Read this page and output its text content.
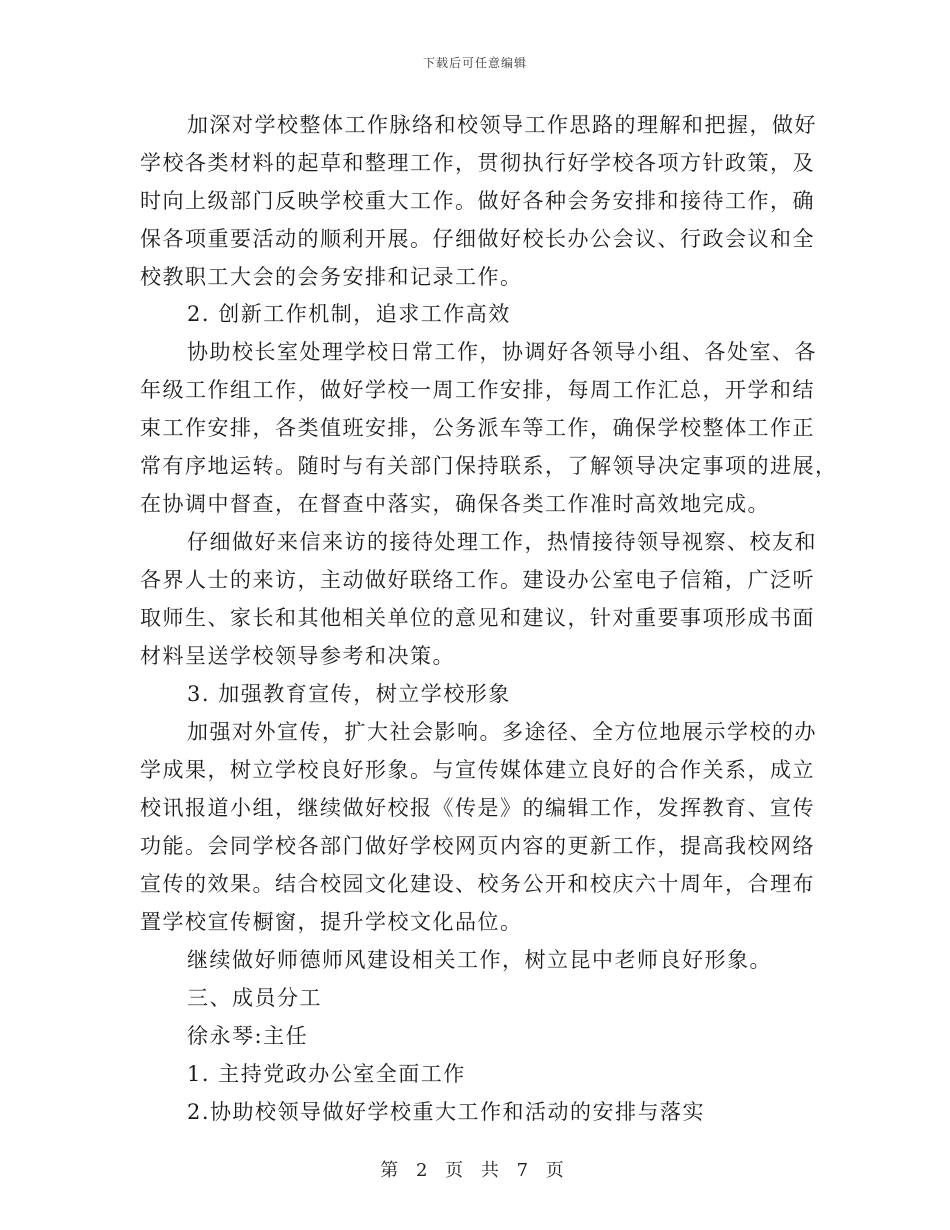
下载后可任意编辑
加深对学校整体工作脉络和校领导工作思路的理解和把握，做好
学校各类材料的起草和整理工作，贯彻执行好学校各项方针政策，及
时向上级部门反映学校重大工作。做好各种会务安排和接待工作，确
保各项重要活动的顺利开展。仔细做好校长办公会议、行政会议和全
校教职工大会的会务安排和记录工作。
2. 创新工作机制，追求工作高效
协助校长室处理学校日常工作，协调好各领导小组、各处室、各
年级工作组工作，做好学校一周工作安排，每周工作汇总，开学和结
束工作安排，各类值班安排，公务派车等工作，确保学校整体工作正
常有序地运转。随时与有关部门保持联系，了解领导决定事项的进展，
在协调中督查，在督查中落实，确保各类工作准时高效地完成。
仔细做好来信来访的接待处理工作，热情接待领导视察、校友和
各界人士的来访，主动做好联络工作。建设办公室电子信箱，广泛听
取师生、家长和其他相关单位的意见和建议，针对重要事项形成书面
材料呈送学校领导参考和决策。
3. 加强教育宣传，树立学校形象
加强对外宣传，扩大社会影响。多途径、全方位地展示学校的办
学成果，树立学校良好形象。与宣传媒体建立良好的合作关系，成立
校讯报道小组，继续做好校报《传是》的编辑工作，发挥教育、宣传
功能。会同学校各部门做好学校网页内容的更新工作，提高我校网络
宣传的效果。结合校园文化建设、校务公开和校庆六十周年，合理布
置学校宣传橱窗，提升学校文化品位。
继续做好师德师风建设相关工作，树立昆中老师良好形象。
三、成员分工
徐永琴:主任
1. 主持党政办公室全面工作
2.协助校领导做好学校重大工作和活动的安排与落实
第 2 页 共 7 页
